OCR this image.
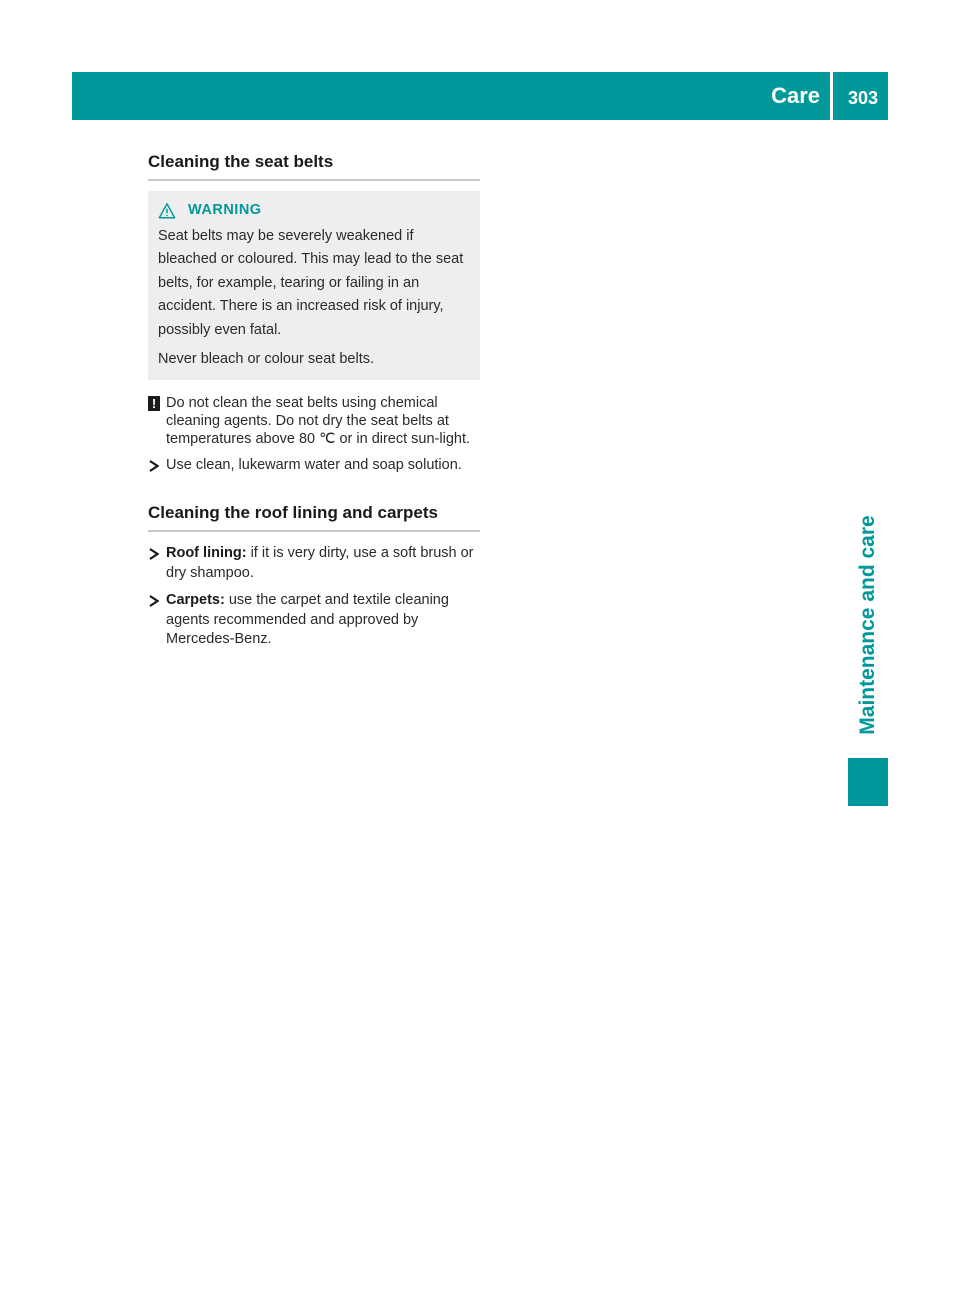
Care 303
Maintenance and care
Cleaning the seat belts
WARNING

Seat belts may be severely weakened if bleached or coloured. This may lead to the seat belts, for example, tearing or failing in an accident. There is an increased risk of injury, possibly even fatal.

Never bleach or colour seat belts.

! Do not clean the seat belts using chemical cleaning agents. Do not dry the seat belts at temperatures above 80 ℃ or in direct sun-light.
Use clean, lukewarm water and soap solution.
Cleaning the roof lining and carpets
Roof lining: if it is very dirty, use a soft brush or dry shampoo.
Carpets: use the carpet and textile cleaning agents recommended and approved by Mercedes-Benz.
